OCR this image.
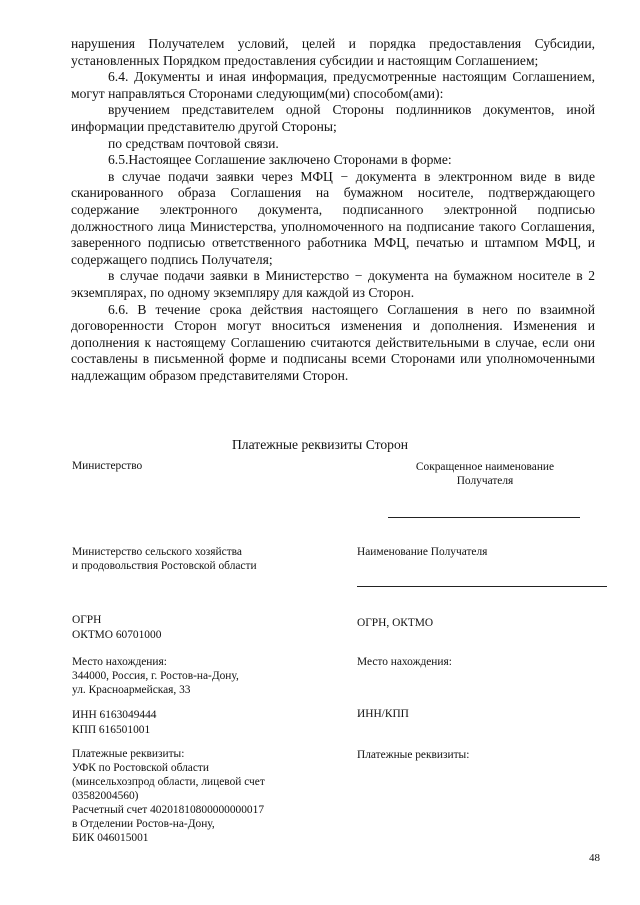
нарушения Получателем условий, целей и порядка предоставления Субсидии, установленных Порядком предоставления субсидии и настоящим Соглашением;

6.4. Документы и иная информация, предусмотренные настоящим Соглашением, могут направляться Сторонами следующим(ми) способом(ами):

вручением представителем одной Стороны подлинников документов, иной информации представителю другой Стороны;

по средствам почтовой связи.

6.5.Настоящее Соглашение заключено Сторонами в форме:

в случае подачи заявки через МФЦ − документа в электронном виде в виде сканированного образа Соглашения на бумажном носителе, подтверждающего содержание электронного документа, подписанного электронной подписью должностного лица Министерства, уполномоченного на подписание такого Соглашения, заверенного подписью ответственного работника МФЦ, печатью и штампом МФЦ, и содержащего подпись Получателя;

в случае подачи заявки в Министерство − документа на бумажном носителе в 2 экземплярах, по одному экземпляру для каждой из Сторон.

6.6. В течение срока действия настоящего Соглашения в него по взаимной договоренности Сторон могут вноситься изменения и дополнения. Изменения и дополнения к настоящему Соглашению считаются действительными в случае, если они составлены в письменной форме и подписаны всеми Сторонами или уполномоченными надлежащим образом представителями Сторон.

Платежные реквизиты Сторон
Министерство
Министерство сельского хозяйства
и продовольствия Ростовской области
ОГРН
ОКТМО 60701000
Место нахождения:
344000, Россия, г. Ростов-на-Дону,
ул. Красноармейская, 33
ИНН 6163049444
КПП 616501001
Платежные реквизиты:
УФК по Ростовской области
(минсельхозпрод области, лицевой счет
03582004560)
Расчетный счет 40201810800000000017
в Отделении Ростов-на-Дону,
БИК 046015001
Сокращенное наименование
Получателя
Наименование Получателя
ОГРН, ОКТМО
Место нахождения:
ИНН/КПП
Платежные реквизиты:
48
